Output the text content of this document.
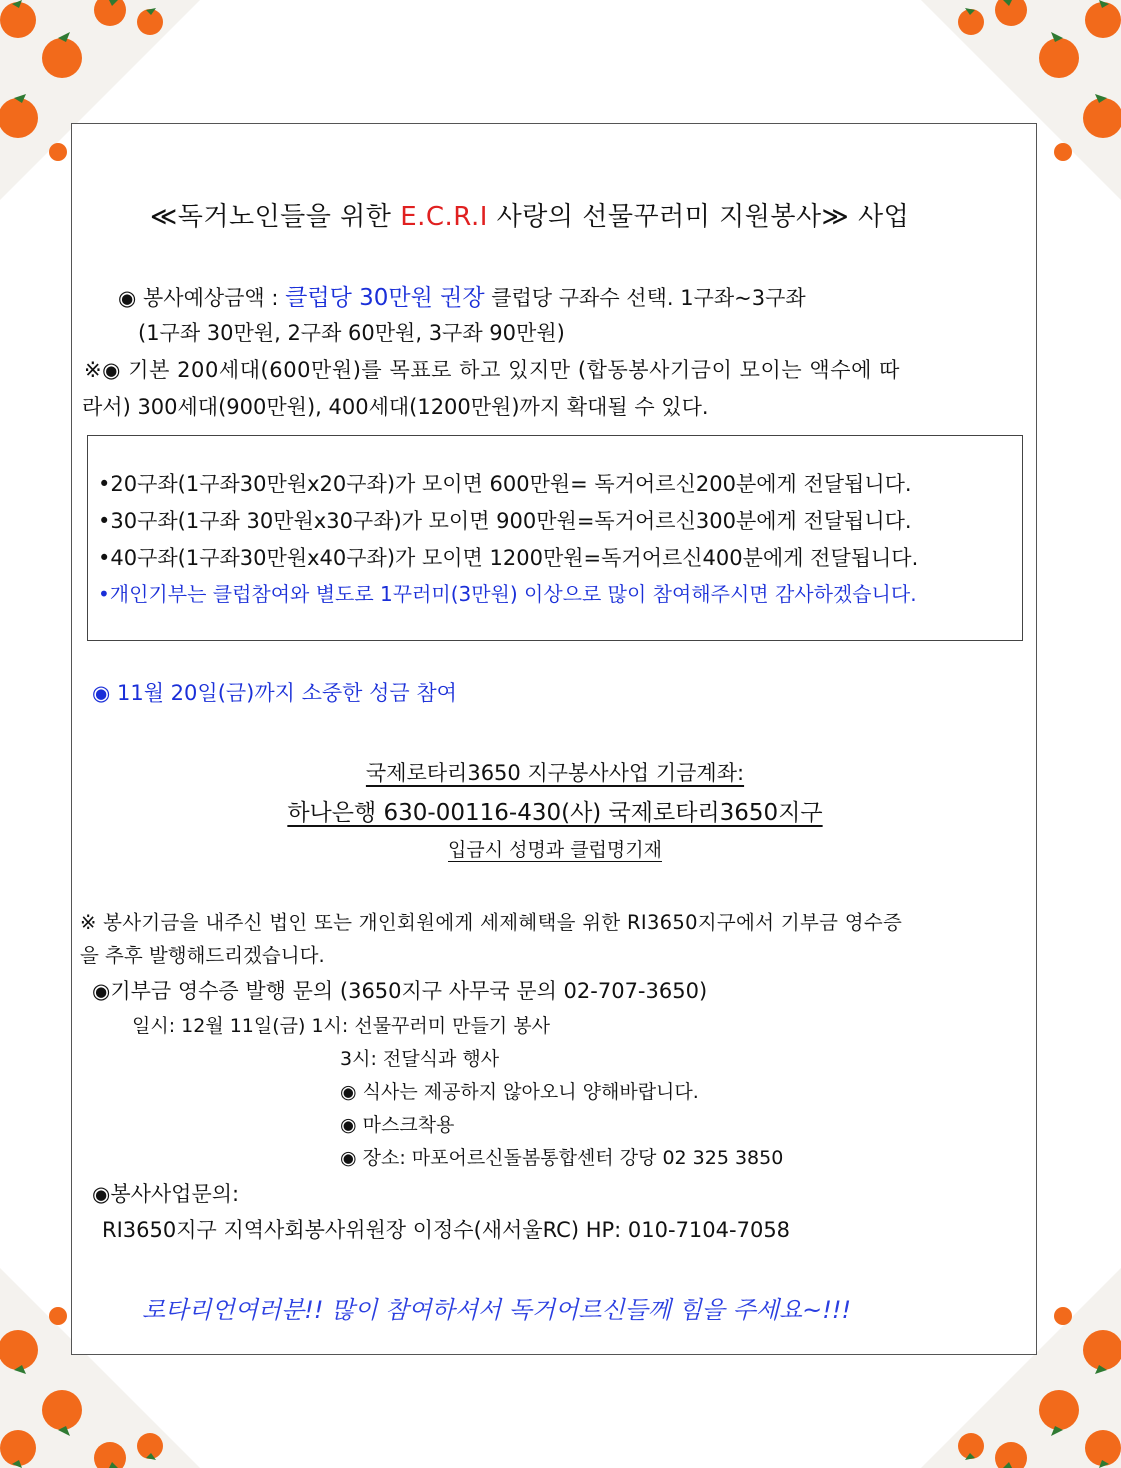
≪독거노인들을 위한 E.C.R.I 사랑의 선물꾸러미 지원봉사≫ 사업
◉ 봉사예상금액 : 클럽당 30만원 권장 클럽당 구좌수 선택. 1구좌~3구좌
(1구좌 30만원, 2구좌 60만원, 3구좌 90만원)
※◉ 기본 200세대(600만원)를 목표로 하고 있지만 (합동봉사기금이 모이는 액수에 따
라서) 300세대(900만원), 400세대(1200만원)까지 확대될 수 있다.
•20구좌(1구좌30만원x20구좌)가 모이면 600만원= 독거어르신200분에게 전달됩니다.
•30구좌(1구좌 30만원x30구좌)가 모이면 900만원=독거어르신300분에게 전달됩니다.
•40구좌(1구좌30만원x40구좌)가 모이면 1200만원=독거어르신400분에게 전달됩니다.
•개인기부는 클럽참여와 별도로 1꾸러미(3만원) 이상으로 많이 참여해주시면 감사하겠습니다.
◉ 11월 20일(금)까지 소중한 성금 참여
국제로타리3650 지구봉사사업 기금계좌:
하나은행 630-00116-430(사) 국제로타리3650지구
입금시 성명과 클럽명기재
※ 봉사기금을 내주신 법인 또는 개인회원에게 세제혜택을 위한 RI3650지구에서 기부금 영수증
을 추후 발행해드리겠습니다.
◉기부금 영수증 발행 문의 (3650지구 사무국 문의 02-707-3650)
일시: 12월 11일(금) 1시: 선물꾸러미 만들기 봉사
3시: 전달식과 행사
◉ 식사는 제공하지 않아오니 양해바랍니다.
◉ 마스크착용
◉ 장소: 마포어르신돌봄통합센터 강당 02 325 3850
◉봉사사업문의:
RI3650지구 지역사회봉사위원장 이정수(새서울RC) HP: 010-7104-7058
로타리언여러분!! 많이 참여하셔서 독거어르신들께 힘을 주세요~!!!
